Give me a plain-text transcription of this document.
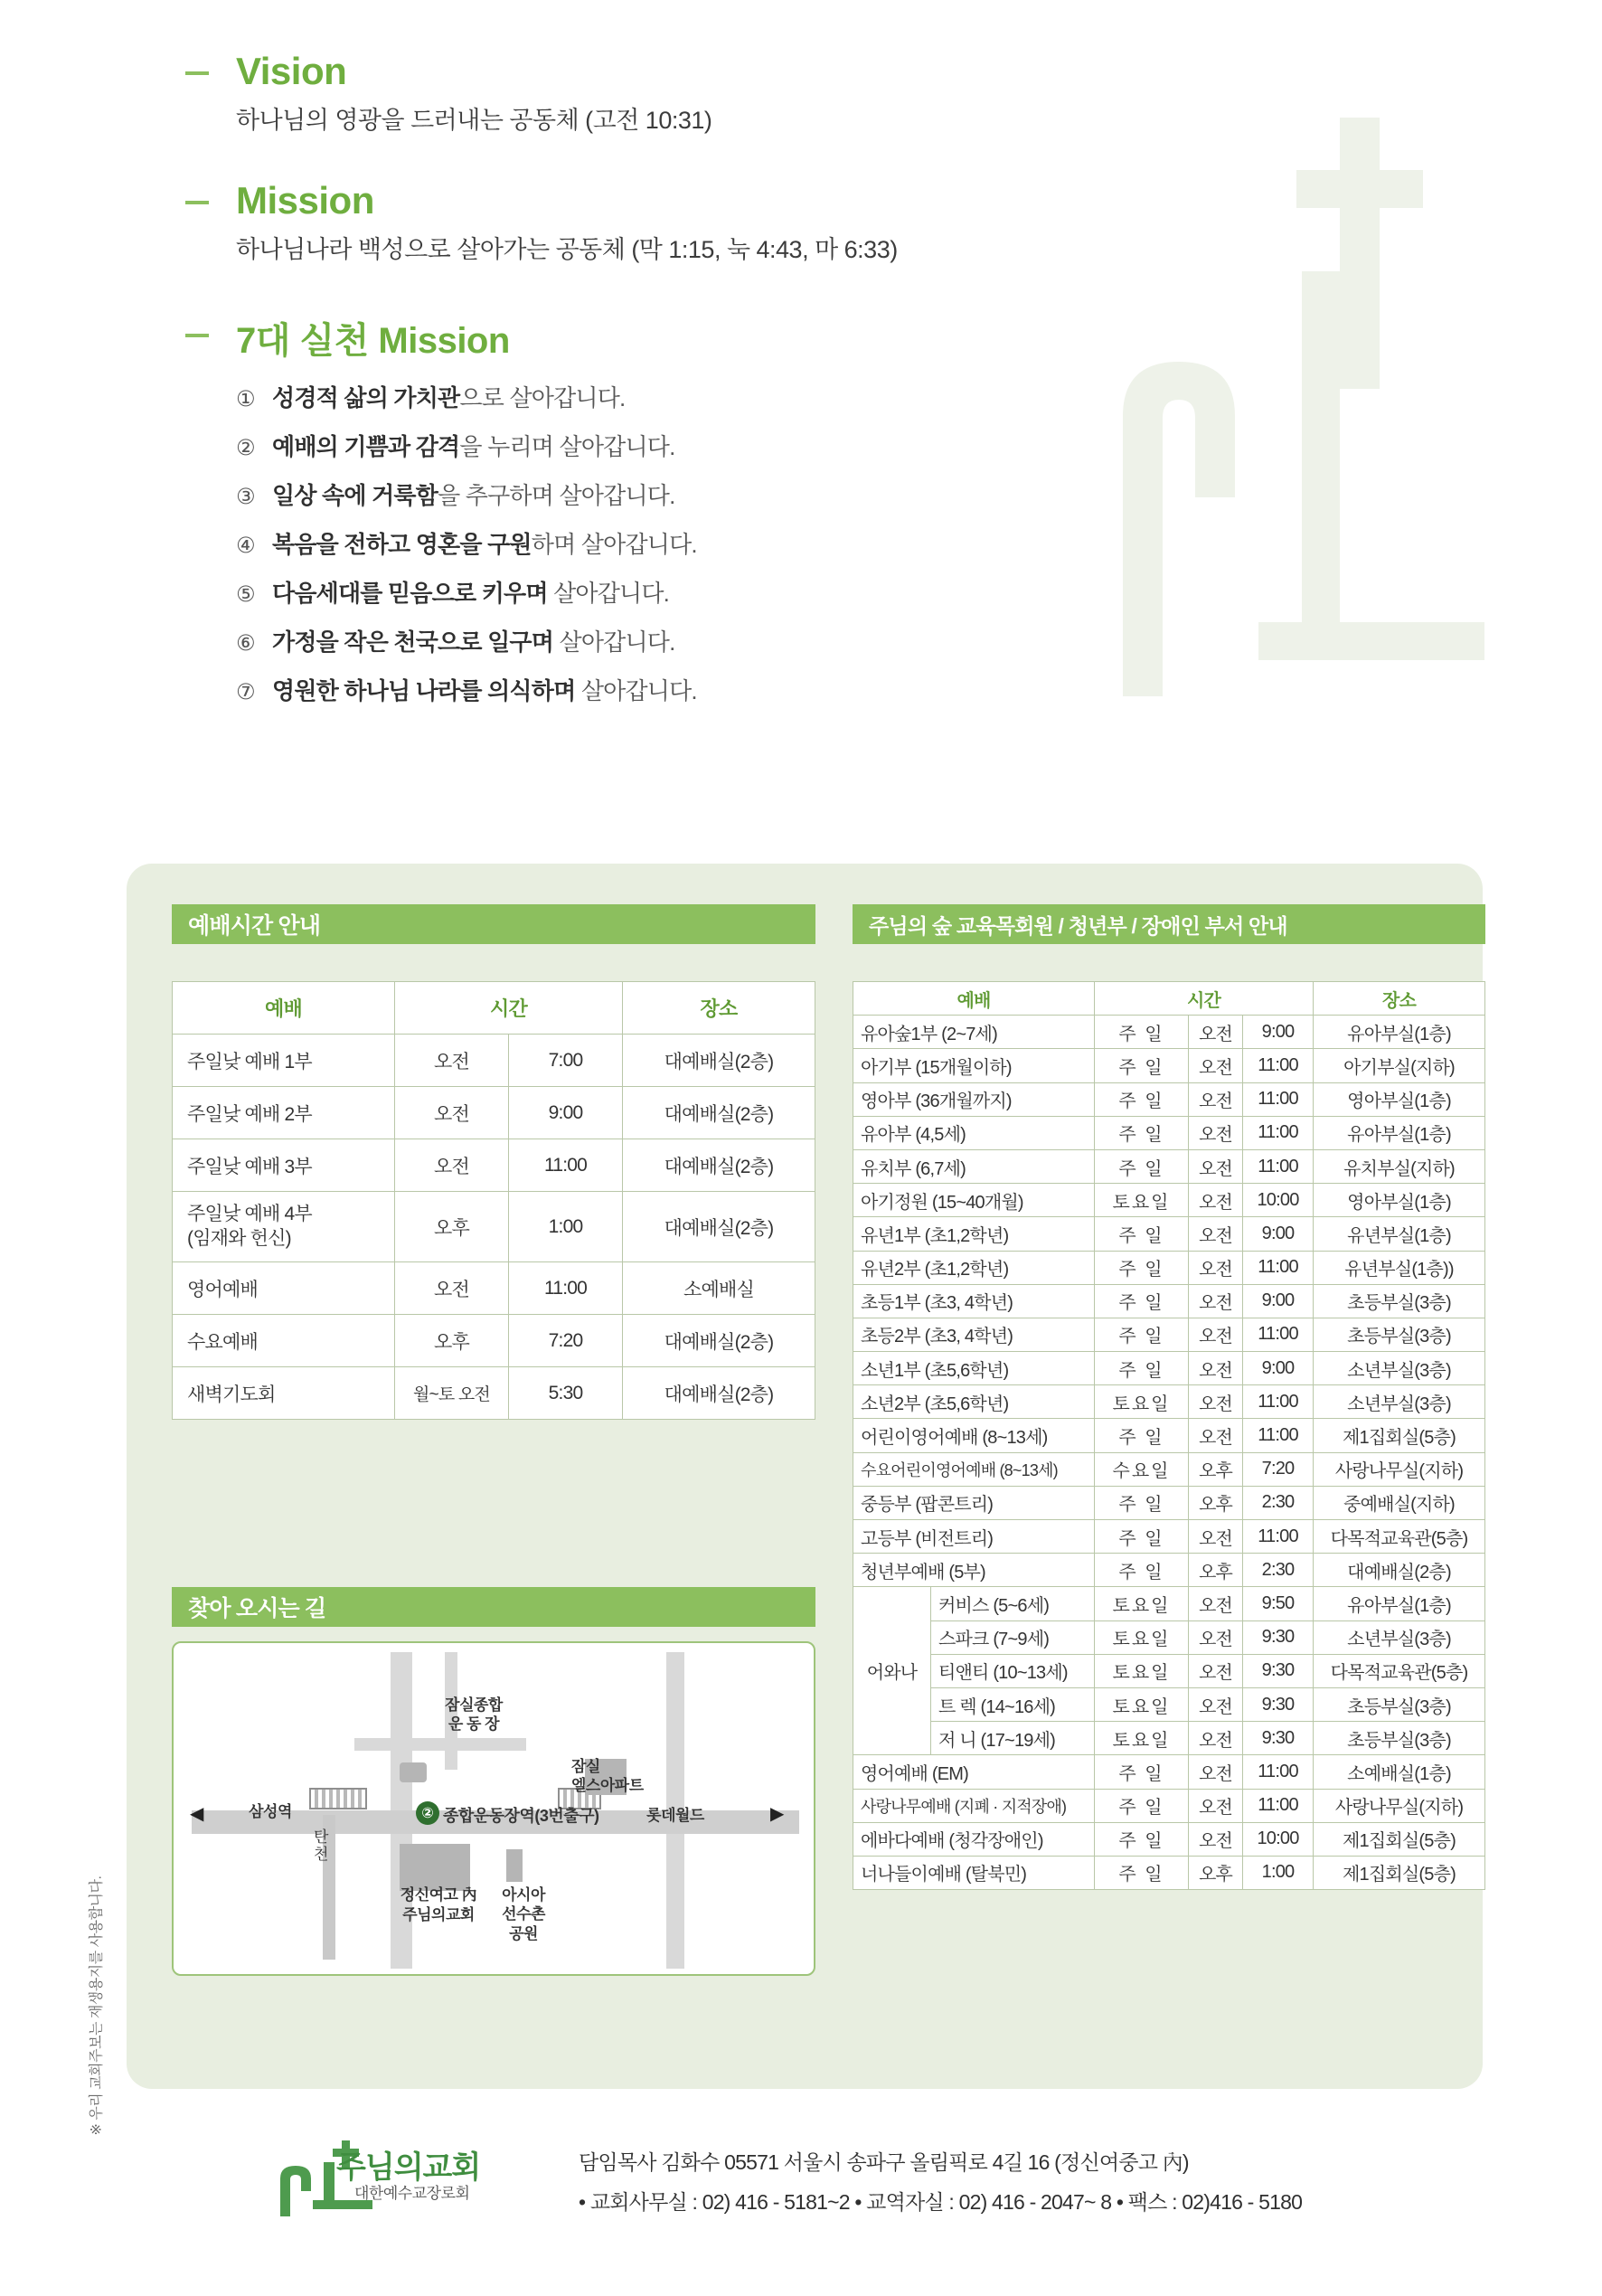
Vision
하나님의 영광을 드러내는 공동체 (고전 10:31)
Mission
하나님나라 백성으로 살아가는 공동체 (막 1:15, 눅 4:43, 마 6:33)
7대 실천 Mission
① 성경적 삶의 가치관으로 살아갑니다.
② 예배의 기쁨과 감격을 누리며 살아갑니다.
③ 일상 속에 거룩함을 추구하며 살아갑니다.
④ 복음을 전하고 영혼을 구원하며 살아갑니다.
⑤ 다음세대를 믿음으로 키우며 살아갑니다.
⑥ 가정을 작은 천국으로 일구며 살아갑니다.
⑦ 영원한 하나님 나라를 의식하며 살아갑니다.
예배시간 안내
예배	시간		장소
주일낮 예배 1부	오전	7:00	대예배실(2층)
주일낮 예배 2부	오전	9:00	대예배실(2층)
주일낮 예배 3부	오전	11:00	대예배실(2층)
주일낮 예배 4부
(임재와 헌신)	오후	1:00	대예배실(2층)
영어예배	오전	11:00	소예배실
수요예배	오후	7:20	대예배실(2층)
새벽기도회	월~토 오전	5:30	대예배실(2층)
찾아 오시는 길
잠실종합
운 동 장
잠실
엘스아파트
삼성역
탄
천
② 종합운동장역(3번출구)	롯데월드
정신여고 內
주님의교회
아시아
선수촌
공원
◀	▶
주님의 숲 교육목회원 / 청년부 / 장애인 부서 안내
예배		시간			장소
유아숲1부 (2~7세)		주 일	오전	9:00	유아부실(1층)
아기부 (15개월이하)		주 일	오전	11:00	아기부실(지하)
영아부 (36개월까지)		주 일	오전	11:00	영아부실(1층)
유아부 (4,5세)		주 일	오전	11:00	유아부실(1층)
유치부 (6,7세)		주 일	오전	11:00	유치부실(지하)
아기정원 (15~40개월)		토요일	오전	10:00	영아부실(1층)
유년1부 (초1,2학년)		주 일	오전	9:00	유년부실(1층)
유년2부 (초1,2학년)		주 일	오전	11:00	유년부실(1층))
초등1부 (초3, 4학년)		주 일	오전	9:00	초등부실(3층)
초등2부 (초3, 4학년)		주 일	오전	11:00	초등부실(3층)
소년1부 (초5,6학년)		주 일	오전	9:00	소년부실(3층)
소년2부 (초5,6학년)		토요일	오전	11:00	소년부실(3층)
어린이영어예배 (8~13세)		주 일	오전	11:00	제1집회실(5층)
수요어린이영어예배 (8~13세)		수요일	오후	7:20	사랑나무실(지하)
중등부 (팝콘트리)		주 일	오후	2:30	중예배실(지하)
고등부 (비전트리)		주 일	오전	11:00	다목적교육관(5층)
청년부예배 (5부)		주 일	오후	2:30	대예배실(2층)
어와나	커비스 (5~6세)	토요일	오전	9:50	유아부실(1층)
	스파크 (7~9세)	토요일	오전	9:30	소년부실(3층)
	티앤티 (10~13세)	토요일	오전	9:30	다목적교육관(5층)
	트 렉 (14~16세)	토요일	오전	9:30	초등부실(3층)
	저 니 (17~19세)	토요일	오전	9:30	초등부실(3층)
영어예배 (EM)		주 일	오전	11:00	소예배실(1층)
사랑나무예배 (지폐 · 지적장애)		주 일	오전	11:00	사랑나무실(지하)
에바다예배 (청각장애인)		주 일	오전	10:00	제1집회실(5층)
너나들이예배 (탈북민)		주 일	오후	1:00	제1집회실(5층)
주님의교회
대한예수교장로회
담임목사 김화수 05571 서울시 송파구 올림픽로 4길 16 (정신여중고 內)
• 교회사무실 : 02) 416 - 5181~2 • 교역자실 : 02) 416 - 2047~ 8 • 팩스 : 02)416 - 5180
※ 우리 교회주보는 재생용지를 사용합니다.
